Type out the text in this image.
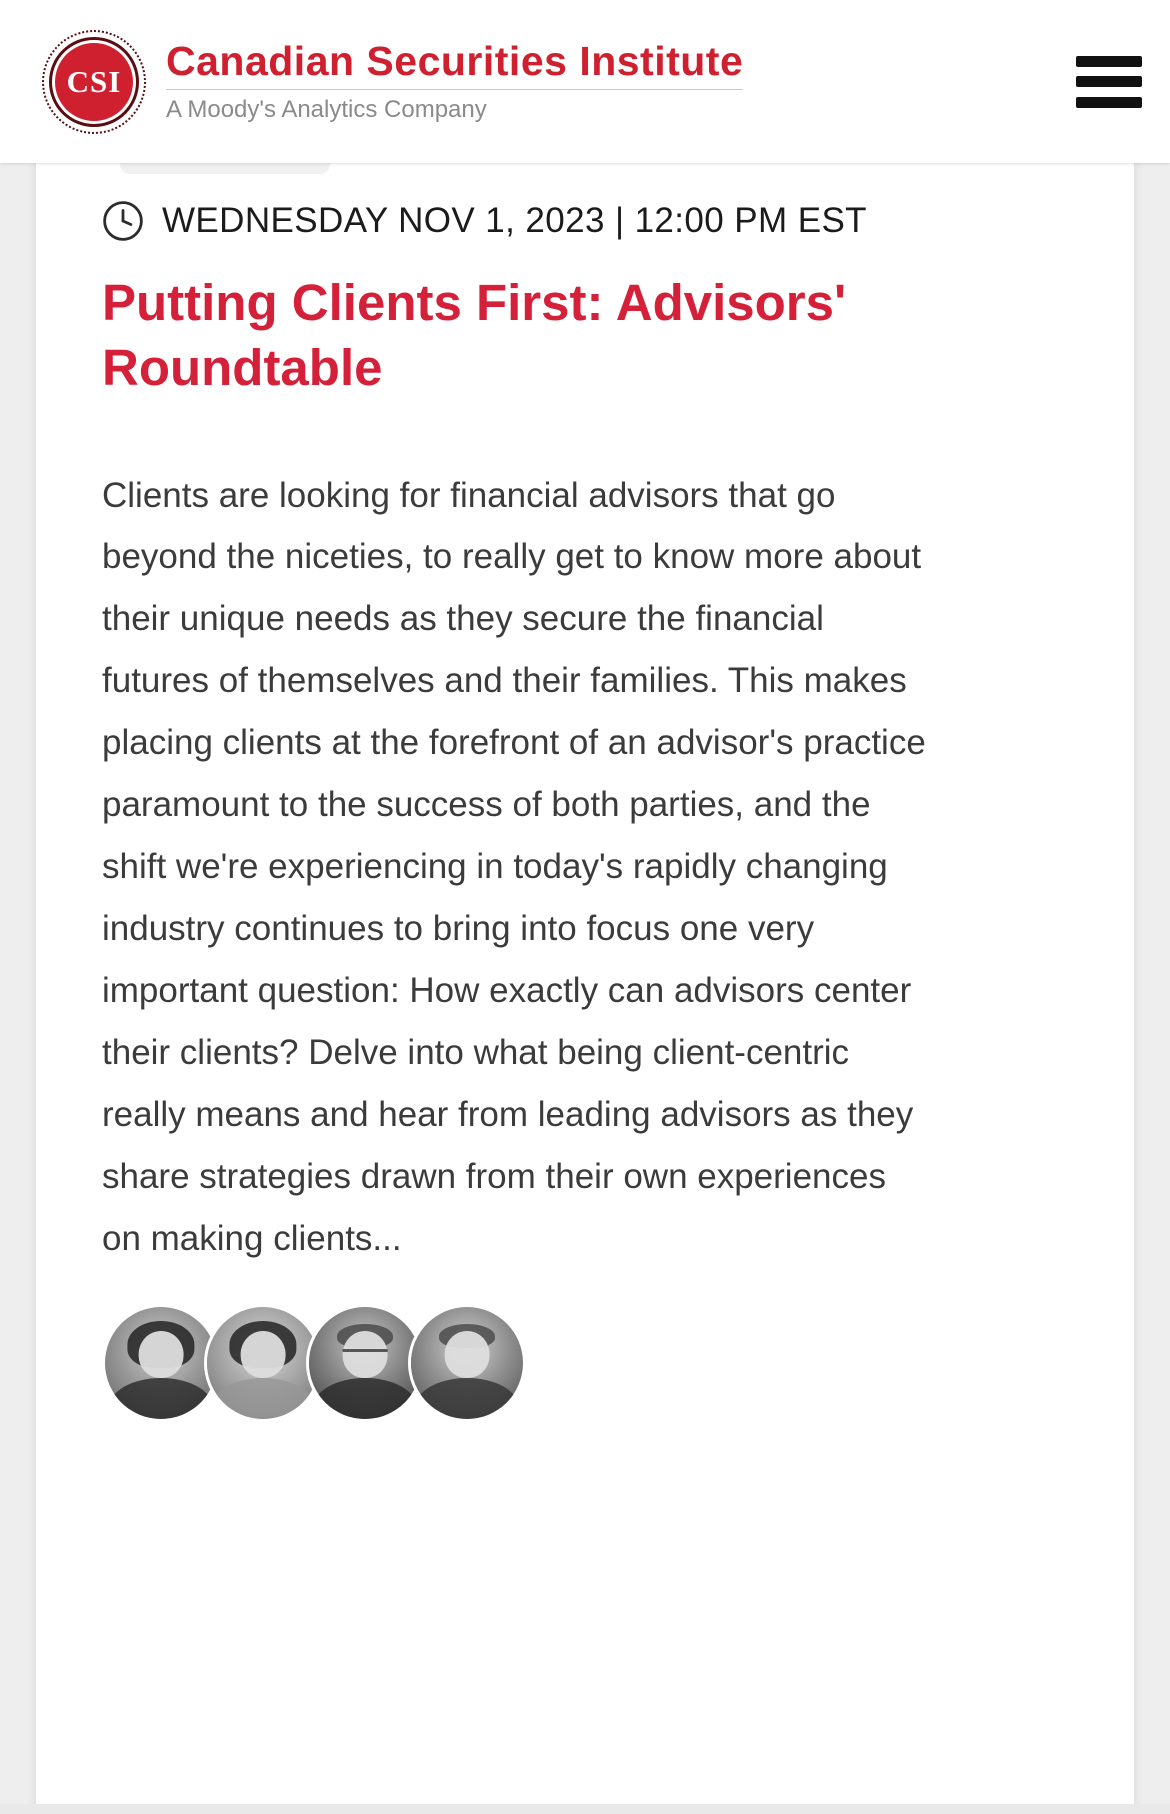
CSI Canadian Securities Institute
A Moody's Analytics Company
WEDNESDAY NOV 1, 2023 | 12:00 PM EST
Putting Clients First: Advisors' Roundtable

Clients are looking for financial advisors that go beyond the niceties, to really get to know more about their unique needs as they secure the financial futures of themselves and their families. This makes placing clients at the forefront of an advisor's practice paramount to the success of both parties, and the shift we're experiencing in today's rapidly changing industry continues to bring into focus one very important question: How exactly can advisors center their clients? Delve into what being client-centric really means and hear from leading advisors as they share strategies drawn from their own experiences on making clients...
